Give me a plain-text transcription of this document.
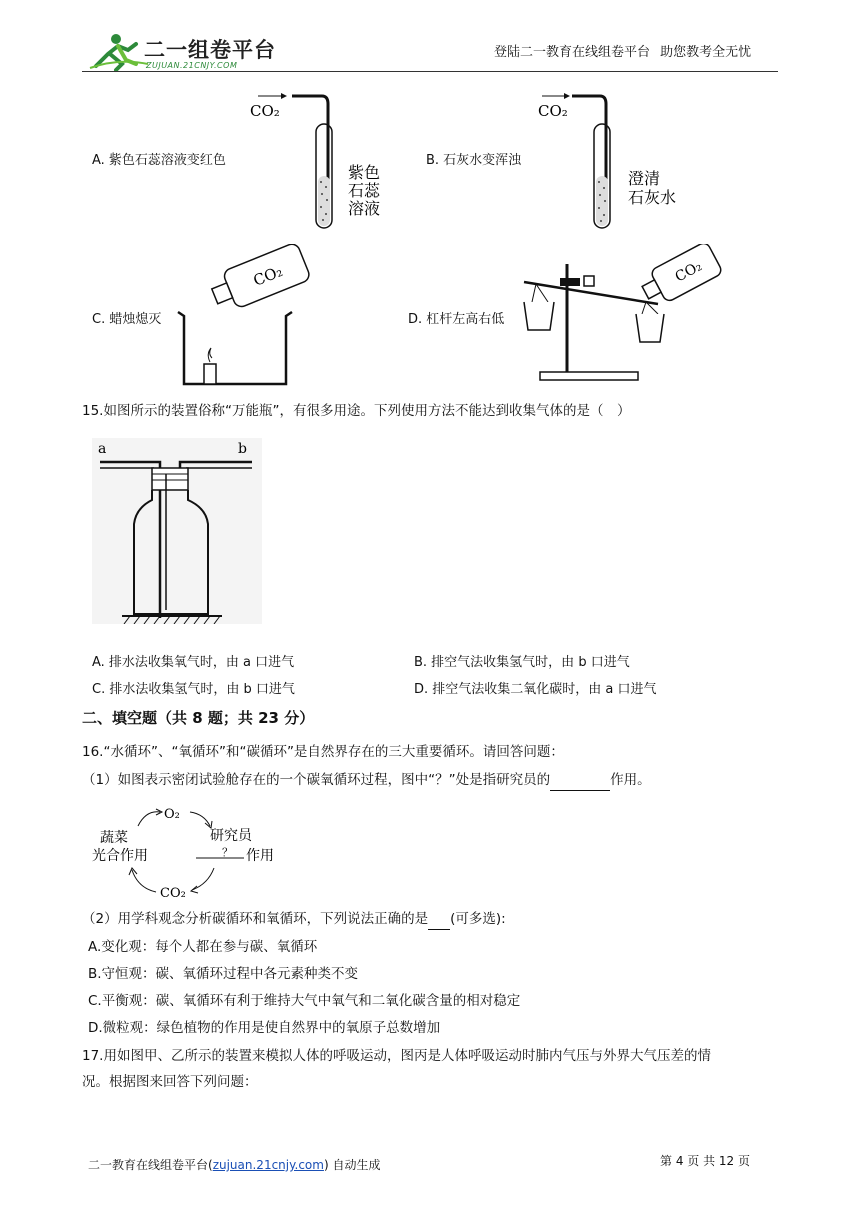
二一组卷平台
ZUJUAN.21CNJY.COM
登陆二一教育在线组卷平台 助您教考全无忧
A. 紫色石蕊溶液变红色
CO₂
紫色
石蕊
溶液
B. 石灰水变浑浊
CO₂
澄清
石灰水
C. 蜡烛熄灭
CO₂
D. 杠杆左高右低
CO₂
15.如图所示的装置俗称“万能瓶”，有很多用途。下列使用方法不能达到收集气体的是（　）
a	b
A. 排水法收集氧气时，由 a 口进气	B. 排空气法收集氢气时，由 b 口进气
C. 排水法收集氢气时，由 b 口进气	D. 排空气法收集二氧化碳时，由 a 口进气
二、填空题（共 8 题；共 23 分）
16.“水循环”、“氧循环”和“碳循环”是自然界存在的三大重要循环。请回答问题：
（1）如图表示密闭试验舱存在的一个碳氧循环过程，图中“？”处是指研究员的	作用。
O₂
CO₂
蔬菜
光合作用
研究员
？ 作用
（2）用学科观念分析碳循环和氧循环，下列说法正确的是 (可多选):
A.变化观：每个人都在参与碳、氧循环
B.守恒观：碳、氧循环过程中各元素种类不变
C.平衡观：碳、氧循环有利于维持大气中氧气和二氧化碳含量的相对稳定
D.微粒观：绿色植物的作用是使自然界中的氧原子总数增加
17.用如图甲、乙所示的装置来模拟人体的呼吸运动，图丙是人体呼吸运动时肺内气压与外界大气压差的情
况。根据图来回答下列问题：
二一教育在线组卷平台(zujuan.21cnjy.com) 自动生成	第 4 页 共 12 页
